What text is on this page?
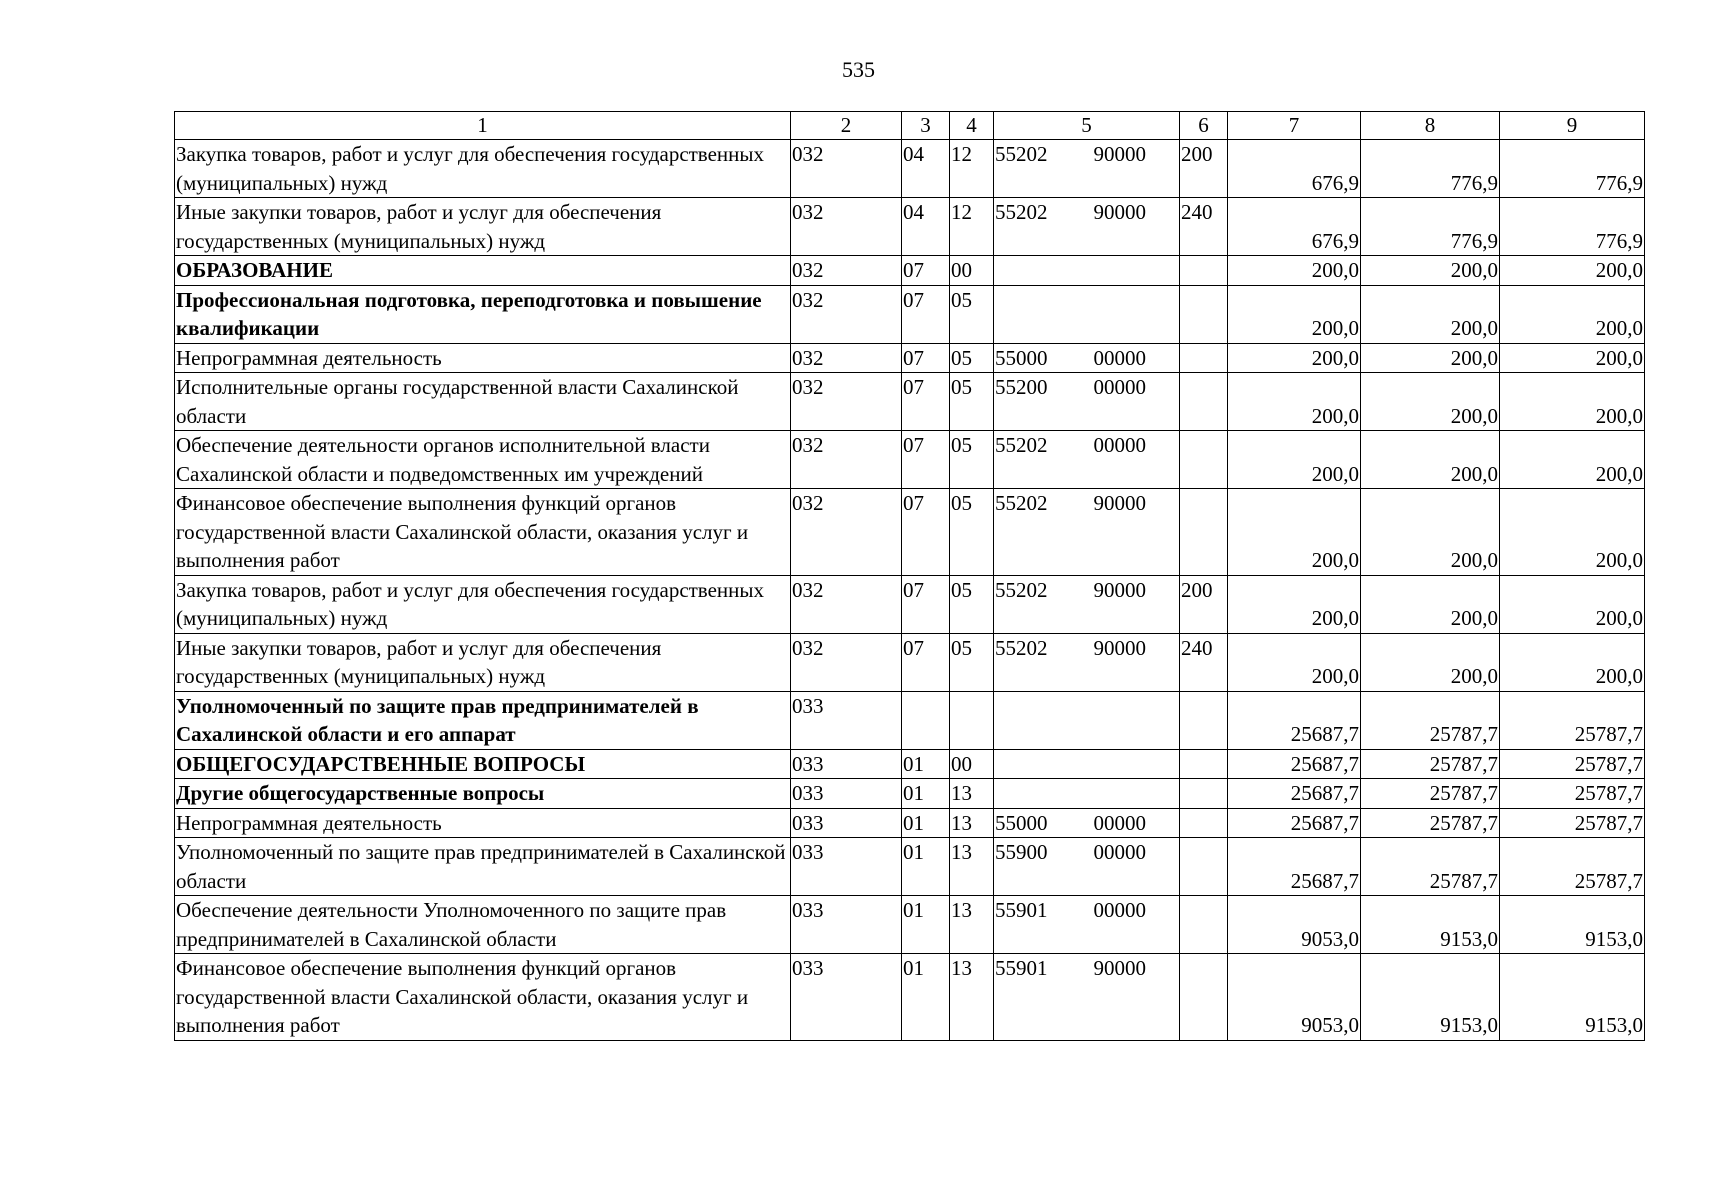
535
1	2	3	4	5		6	7	8	9
Закупка товаров, работ и услуг для обеспечения государственных (муниципальных) нужд	032	04	12	55202	90000	200	676,9	776,9	776,9
Иные закупки товаров, работ и услуг для обеспечения государственных (муниципальных) нужд	032	04	12	55202	90000	240	676,9	776,9	776,9
ОБРАЗОВАНИЕ	032	07	00				200,0	200,0	200,0
Профессиональная подготовка, переподготовка и повышение квалификации	032	07	05				200,0	200,0	200,0
Непрограммная деятельность	032	07	05	55000	00000		200,0	200,0	200,0
Исполнительные органы государственной власти Сахалинской области	032	07	05	55200	00000		200,0	200,0	200,0
Обеспечение деятельности органов исполнительной власти Сахалинской области и подведомственных им учреждений	032	07	05	55202	00000		200,0	200,0	200,0
Финансовое обеспечение выполнения функций органов государственной власти Сахалинской области, оказания услуг и выполнения работ	032	07	05	55202	90000		200,0	200,0	200,0
Закупка товаров, работ и услуг для обеспечения государственных (муниципальных) нужд	032	07	05	55202	90000	200	200,0	200,0	200,0
Иные закупки товаров, работ и услуг для обеспечения государственных (муниципальных) нужд	032	07	05	55202	90000	240	200,0	200,0	200,0
Уполномоченный по защите прав предпринимателей в Сахалинской области и его аппарат	033						25687,7	25787,7	25787,7
ОБЩЕГОСУДАРСТВЕННЫЕ ВОПРОСЫ	033	01	00				25687,7	25787,7	25787,7
Другие общегосударственные вопросы	033	01	13				25687,7	25787,7	25787,7
Непрограммная деятельность	033	01	13	55000	00000		25687,7	25787,7	25787,7
Уполномоченный по защите прав предпринимателей в Сахалинской области	033	01	13	55900	00000		25687,7	25787,7	25787,7
Обеспечение деятельности Уполномоченного по защите прав предпринимателей в Сахалинской области	033	01	13	55901	00000		9053,0	9153,0	9153,0
Финансовое обеспечение выполнения функций органов государственной власти Сахалинской области, оказания услуг и выполнения работ	033	01	13	55901	90000		9053,0	9153,0	9153,0
